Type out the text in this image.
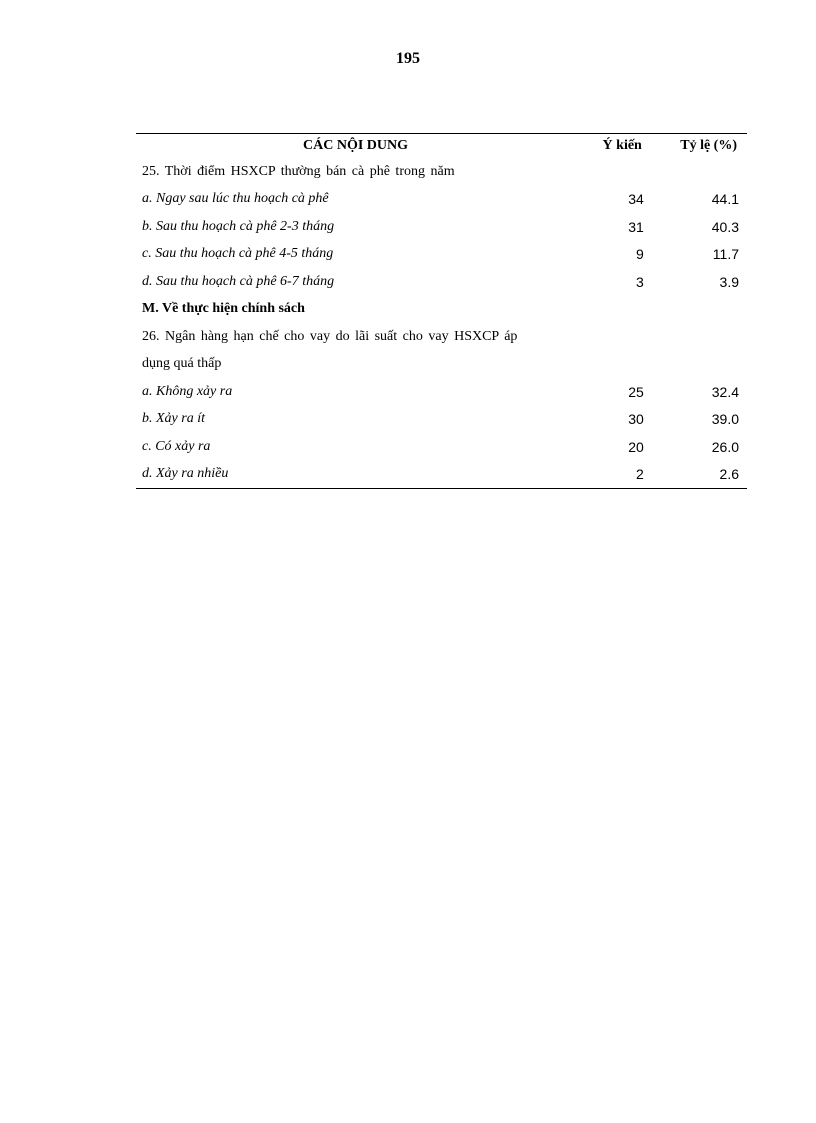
195
CÁC NỘI DUNG	Ý kiến	Tỷ lệ (%)
25. Thời điểm HSXCP thường bán cà phê trong năm		
a. Ngay sau lúc thu hoạch cà phê	34	44.1
b. Sau thu hoạch cà phê 2-3 tháng	31	40.3
c. Sau thu hoạch cà phê 4-5 tháng	9	11.7
d. Sau thu hoạch cà phê 6-7 tháng	3	3.9
M. Về thực hiện chính sách		
26. Ngân hàng hạn chế cho vay do lãi suất cho vay HSXCP áp		
dụng quá thấp		
a. Không xảy ra	25	32.4
b. Xảy ra ít	30	39.0
c. Có xảy ra	20	26.0
d. Xảy ra nhiều	2	2.6
